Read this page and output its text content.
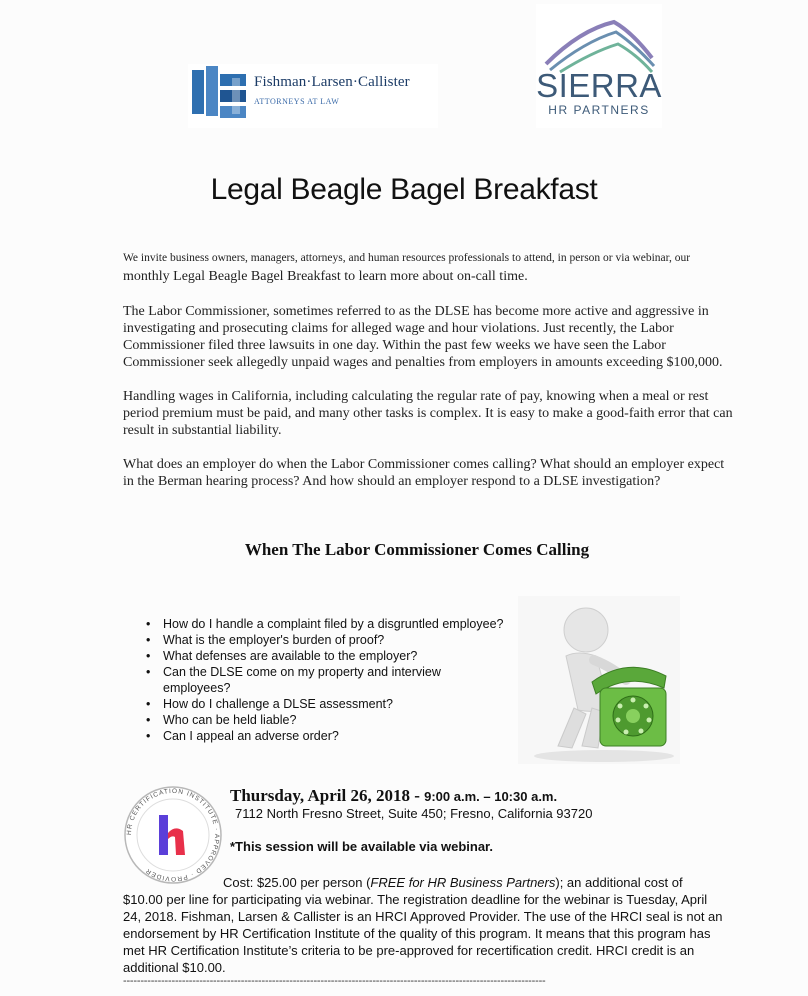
Fishman·Larsen·Callister
ATTORNEYS AT LAW	SIERRA
HR PARTNERS
Legal Beagle Bagel Breakfast
We invite business owners, managers, attorneys, and human resources professionals to attend, in person or via webinar, our
monthly Legal Beagle Bagel Breakfast to learn more about on-call time.
The Labor Commissioner, sometimes referred to as the DLSE has become more active and aggressive in investigating and prosecuting claims for alleged wage and hour violations. Just recently, the Labor Commissioner filed three lawsuits in one day. Within the past few weeks we have seen the Labor Commissioner seek allegedly unpaid wages and penalties from employers in amounts exceeding $100,000.
Handling wages in California, including calculating the regular rate of pay, knowing when a meal or rest period premium must be paid, and many other tasks is complex. It is easy to make a good-faith error that can result in substantial liability.
What does an employer do when the Labor Commissioner comes calling? What should an employer expect in the Berman hearing process? And how should an employer respond to a DLSE investigation?
When The Labor Commissioner Comes Calling
• How do I handle a complaint filed by a disgruntled employee?
• What is the employer's burden of proof?
• What defenses are available to the employer?
• Can the DLSE come on my property and interview employees?
• How do I challenge a DLSE assessment?
• Who can be held liable?
• Can I appeal an adverse order?
HR CERTIFICATION INSTITUTE · APPROVED · PROVIDER
Thursday, April 26, 2018 - 9:00 a.m. – 10:30 a.m.
7112 North Fresno Street, Suite 450; Fresno, California 93720
*This session will be available via webinar.
Cost: $25.00 per person (FREE for HR Business Partners); an additional cost of $10.00 per line for participating via webinar. The registration deadline for the webinar is Tuesday, April 24, 2018. Fishman, Larsen & Callister is an HRCI Approved Provider. The use of the HRCI seal is not an endorsement by HR Certification Institute of the quality of this program. It means that this program has met HR Certification Institute’s criteria to be pre-approved for recertification credit. HRCI credit is an additional $10.00.
--------------------------------------------------------------------------------------------------------------------------
